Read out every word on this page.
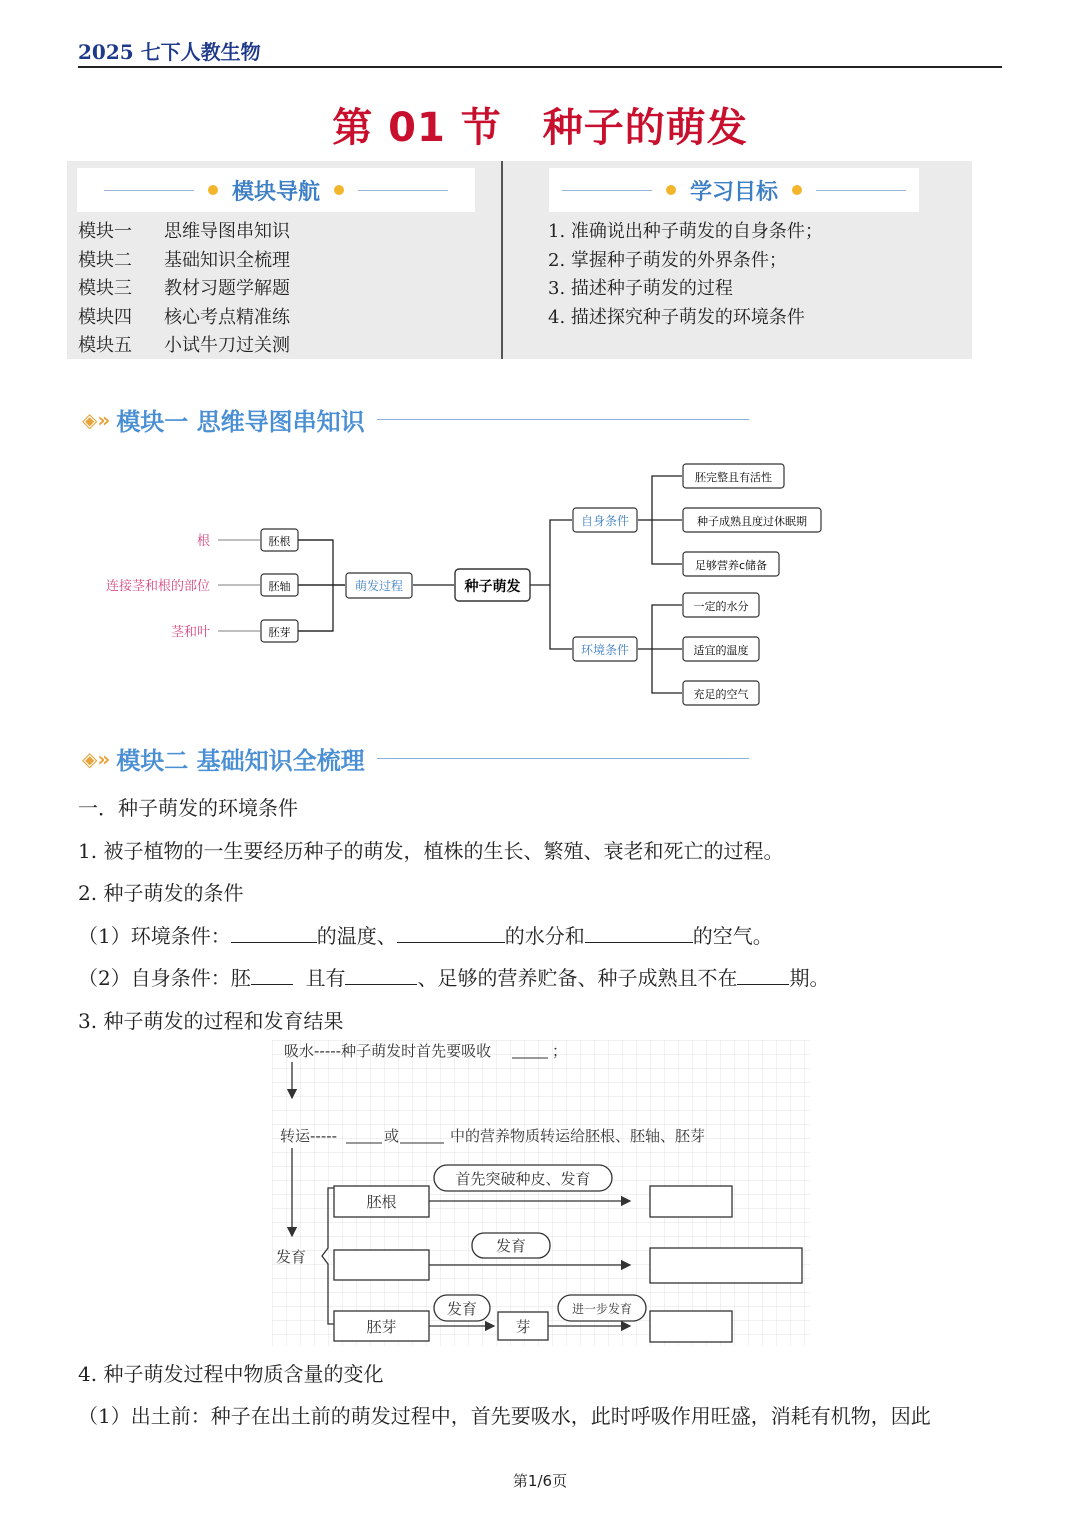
2025 七下人教生物
第 01 节　种子的萌发
模块导航	学习目标
模块一 思维导图串知识
模块二 基础知识全梳理
模块三 教材习题学解题
模块四 核心考点精准练
模块五 小试牛刀过关测
1. 准确说出种子萌发的自身条件；
2. 掌握种子萌发的外界条件；
3. 描述种子萌发的过程
4. 描述探究种子萌发的环境条件
◈» 模块一 思维导图串知识
根
连接茎和根的部位
茎和叶
胚根
胚轴
胚芽
萌发过程	种子萌发
自身条件
环境条件
胚完整且有活性
种子成熟且度过休眠期
足够营养c储备
一定的水分
适宜的温度
充足的空气
◈» 模块二 基础知识全梳理
一．种子萌发的环境条件
1. 被子植物的一生要经历种子的萌发，植株的生长、繁殖、衰老和死亡的过程。
2. 种子萌发的条件
（1）环境条件：	的温度、	的水分和	的空气。
（2）自身条件：胚	且有	、足够的营养贮备、种子成熟且不在	期。
3. 种子萌发的过程和发育结果
吸水-----种子萌发时首先要吸收	；
转运-----	或	中的营养物质转运给胚根、胚轴、胚芽
发育
胚根
首先突破种皮、发育
发育
胚芽
发育
芽
进一步发育
4. 种子萌发过程中物质含量的变化
（1）出土前：种子在出土前的萌发过程中，首先要吸水，此时呼吸作用旺盛，消耗有机物，因此
第1/6页
